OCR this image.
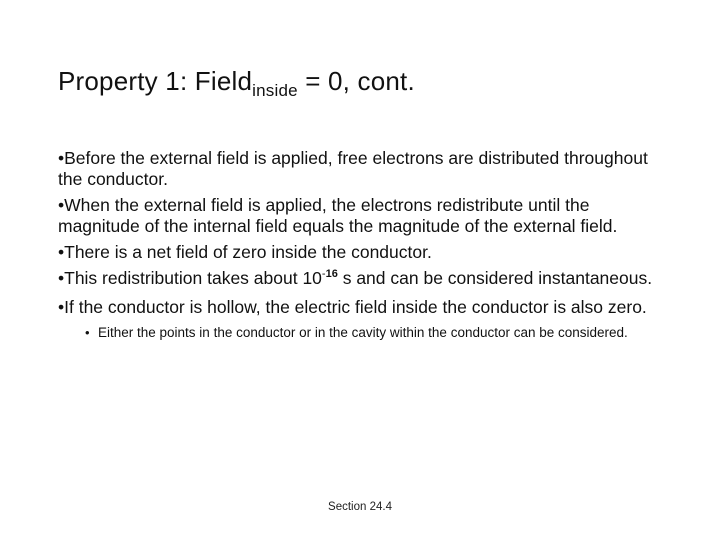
Property 1: Field$_{inside}$ = 0, cont.

•Before the external field is applied, free electrons are distributed throughout the conductor.

•When the external field is applied, the electrons redistribute until the magnitude of the internal field equals the magnitude of the external field.

•There is a net field of zero inside the conductor.

•This redistribution takes about $10^{-16}$ s and can be considered instantaneous.

•If the conductor is hollow, the electric field inside the conductor is also zero.

• Either the points in the conductor or in the cavity within the conductor can be considered.
Section 24.4
